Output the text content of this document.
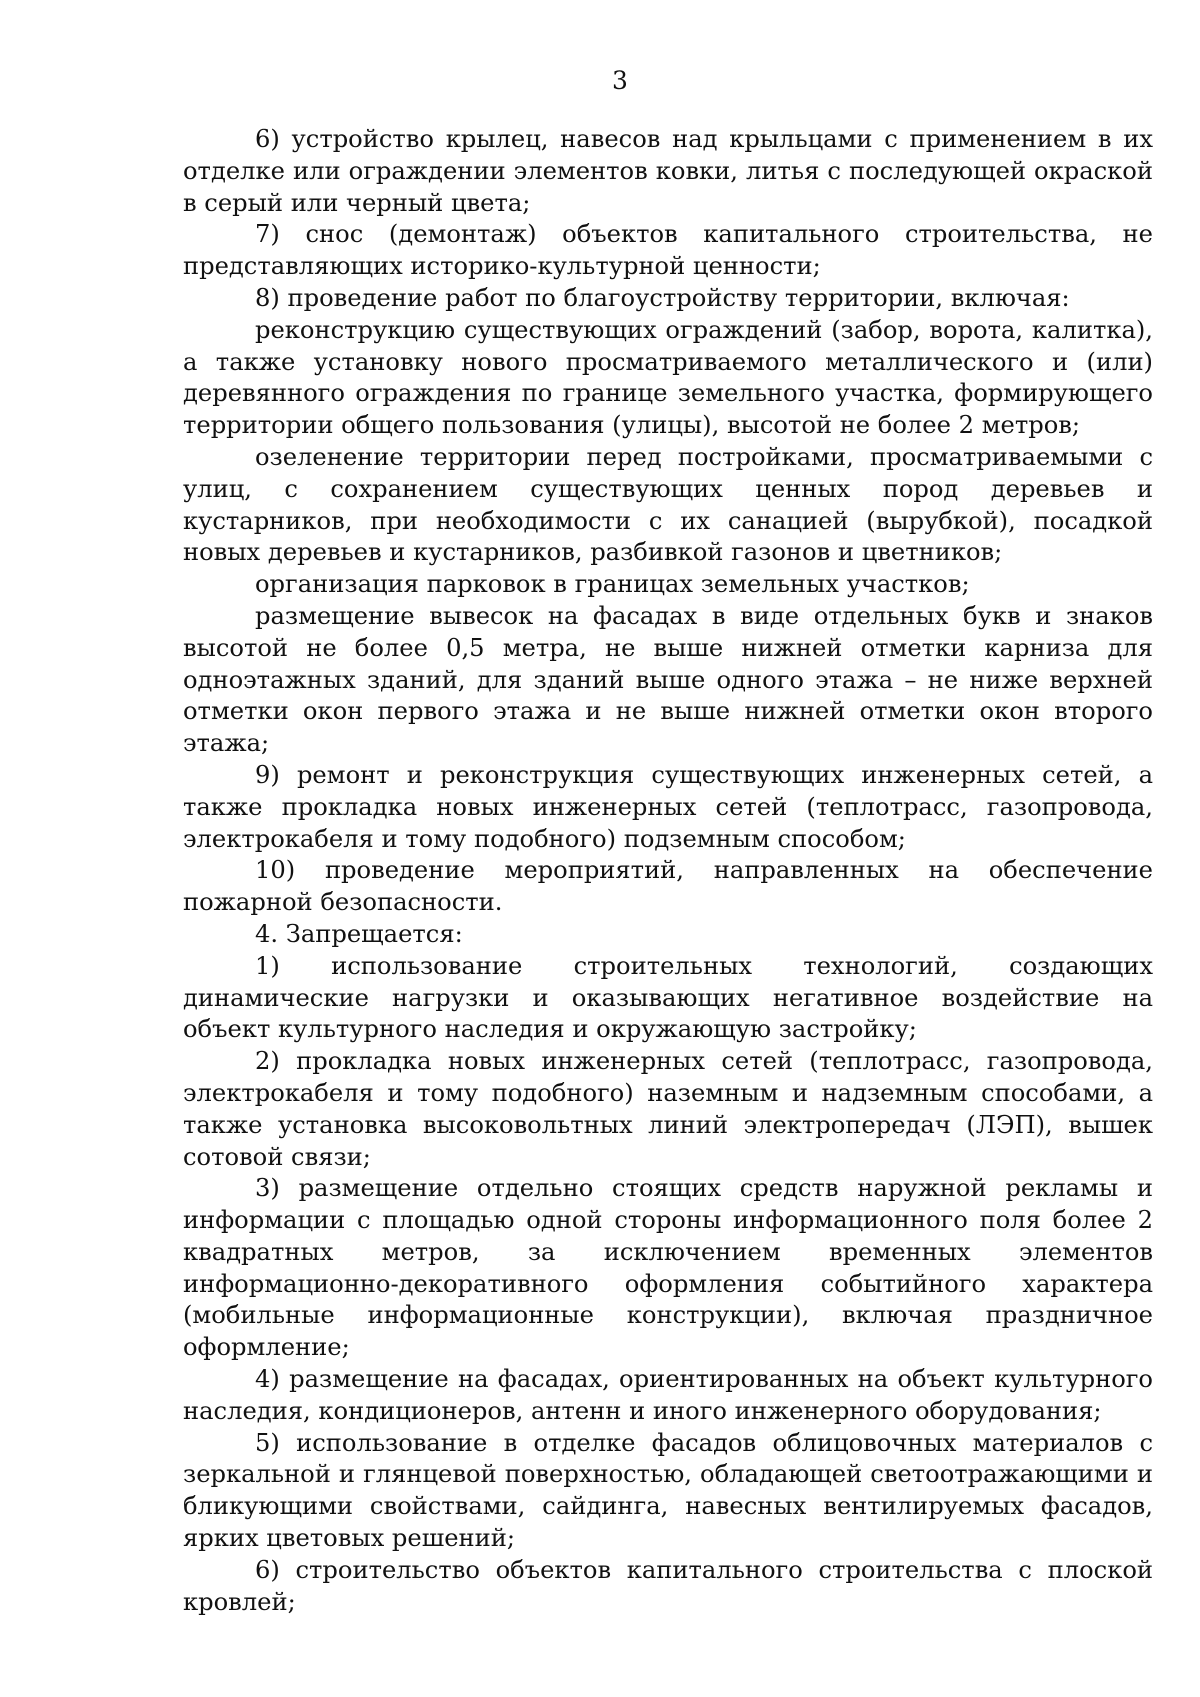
3

6) устройство крылец, навесов над крыльцами с применением в их отделке или ограждении элементов ковки, литья с последующей окраской в серый или черный цвета;

7) снос (демонтаж) объектов капитального строительства, не представляющих историко-культурной ценности;

8) проведение работ по благоустройству территории, включая:

реконструкцию существующих ограждений (забор, ворота, калитка), а также установку нового просматриваемого металлического и (или) деревянного ограждения по границе земельного участка, формирующего территории общего пользования (улицы), высотой не более 2 метров;

озеленение территории перед постройками, просматриваемыми с улиц, с сохранением существующих ценных пород деревьев и кустарников, при необходимости с их санацией (вырубкой), посадкой новых деревьев и кустарников, разбивкой газонов и цветников;

организация парковок в границах земельных участков;

размещение вывесок на фасадах в виде отдельных букв и знаков высотой не более 0,5 метра, не выше нижней отметки карниза для одноэтажных зданий, для зданий выше одного этажа – не ниже верхней отметки окон первого этажа и не выше нижней отметки окон второго этажа;

9) ремонт и реконструкция существующих инженерных сетей, а также прокладка новых инженерных сетей (теплотрасс, газопровода, электрокабеля и тому подобного) подземным способом;

10) проведение мероприятий, направленных на обеспечение пожарной безопасности.

4. Запрещается:

1) использование строительных технологий, создающих динамические нагрузки и оказывающих негативное воздействие на объект культурного наследия и окружающую застройку;

2) прокладка новых инженерных сетей (теплотрасс, газопровода, электрокабеля и тому подобного) наземным и надземным способами, а также установка высоковольтных линий электропередач (ЛЭП), вышек сотовой связи;

3) размещение отдельно стоящих средств наружной рекламы и информации с площадью одной стороны информационного поля более 2 квадратных метров, за исключением временных элементов информационно-декоративного оформления событийного характера (мобильные информационные конструкции), включая праздничное оформление;

4) размещение на фасадах, ориентированных на объект культурного наследия, кондиционеров, антенн и иного инженерного оборудования;

5) использование в отделке фасадов облицовочных материалов с зеркальной и глянцевой поверхностью, обладающей светоотражающими и бликующими свойствами, сайдинга, навесных вентилируемых фасадов, ярких цветовых решений;

6) строительство объектов капитального строительства с плоской кровлей;
